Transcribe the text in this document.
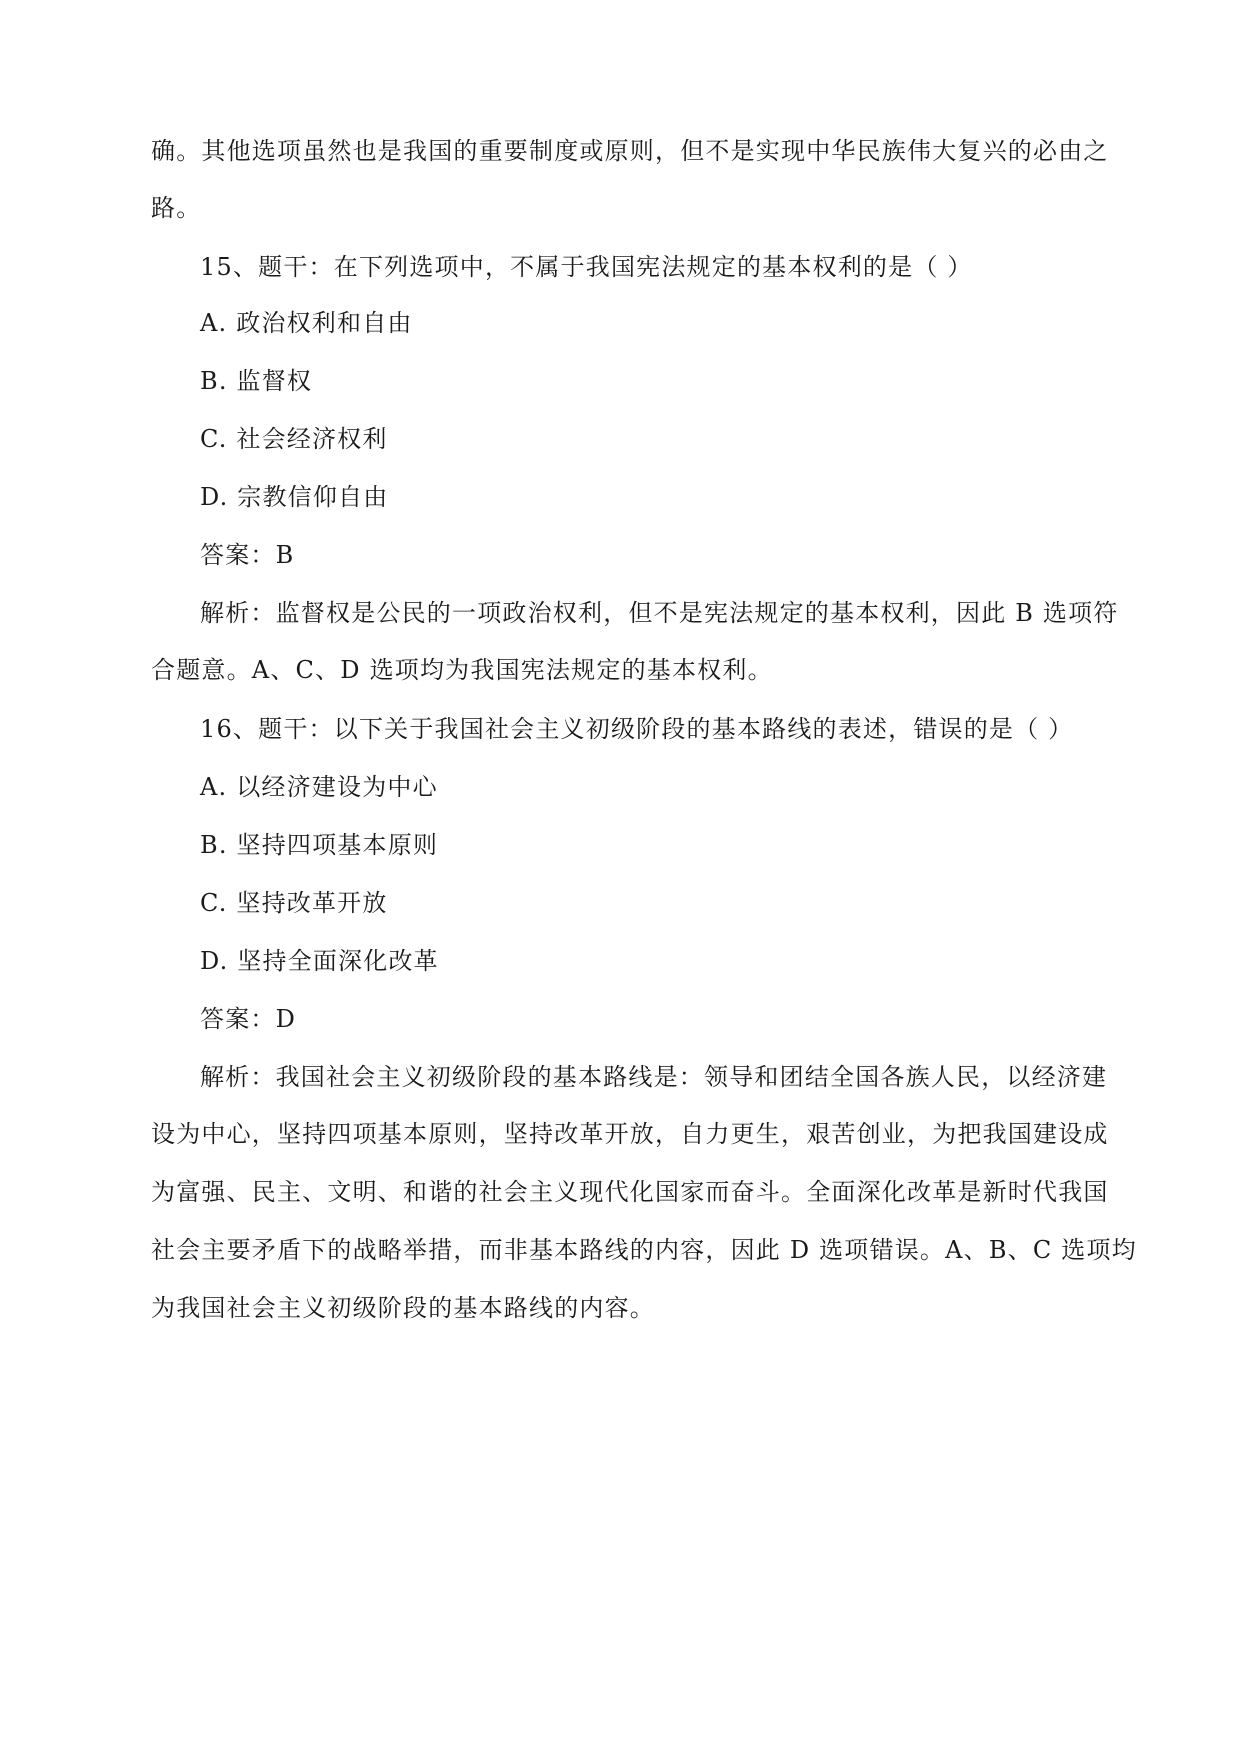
确。其他选项虽然也是我国的重要制度或原则，但不是实现中华民族伟大复兴的必由之
路。
15、题干：在下列选项中，不属于我国宪法规定的基本权利的是（ ）
A. 政治权利和自由
B. 监督权
C. 社会经济权利
D. 宗教信仰自由
答案：B
解析：监督权是公民的一项政治权利，但不是宪法规定的基本权利，因此 B 选项符
合题意。A、C、D 选项均为我国宪法规定的基本权利。
16、题干：以下关于我国社会主义初级阶段的基本路线的表述，错误的是（ ）
A. 以经济建设为中心
B. 坚持四项基本原则
C. 坚持改革开放
D. 坚持全面深化改革
答案：D
解析：我国社会主义初级阶段的基本路线是：领导和团结全国各族人民，以经济建
设为中心，坚持四项基本原则，坚持改革开放，自力更生，艰苦创业，为把我国建设成
为富强、民主、文明、和谐的社会主义现代化国家而奋斗。全面深化改革是新时代我国
社会主要矛盾下的战略举措，而非基本路线的内容，因此 D 选项错误。A、B、C 选项均
为我国社会主义初级阶段的基本路线的内容。
